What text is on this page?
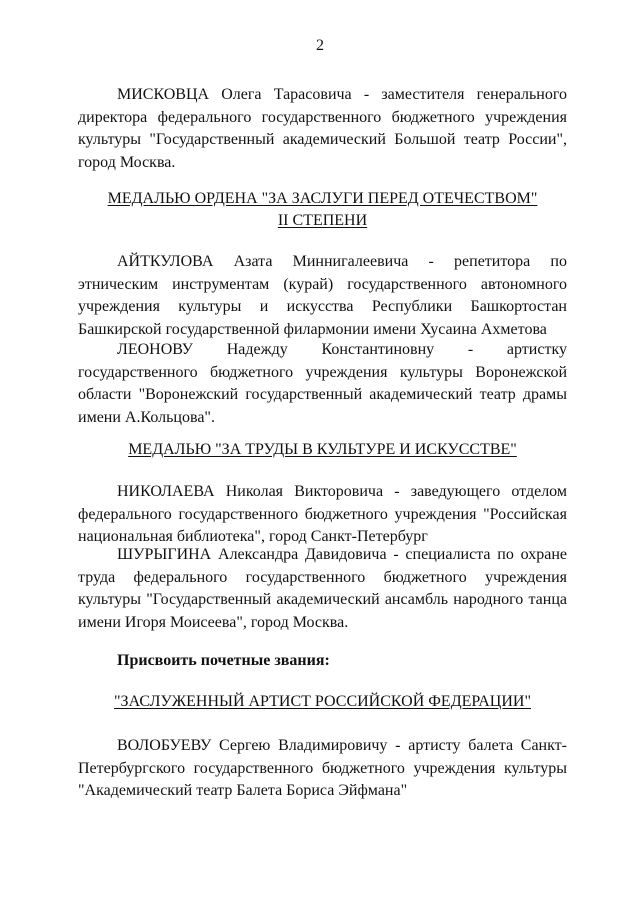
2

МИСКОВЦА Олега Тарасовича - заместителя генерального директора федерального государственного бюджетного учреждения культуры "Государственный академический Большой театр России", город Москва.

МЕДАЛЬЮ ОРДЕНА "ЗА ЗАСЛУГИ ПЕРЕД ОТЕЧЕСТВОМ"
II СТЕПЕНИ

АЙТКУЛОВА Азата Миннигалеевича - репетитора по этническим инструментам (курай) государственного автономного учреждения культуры и искусства Республики Башкортостан Башкирской государственной филармонии имени Хусаина Ахметова

ЛЕОНОВУ Надежду Константиновну - артистку государственного бюджетного учреждения культуры Воронежской области "Воронежский государственный академический театр драмы имени А.Кольцова".

МЕДАЛЬЮ "ЗА ТРУДЫ В КУЛЬТУРЕ И ИСКУССТВЕ"

НИКОЛАЕВА Николая Викторовича - заведующего отделом федерального государственного бюджетного учреждения "Российская национальная библиотека", город Санкт-Петербург

ШУРЫГИНА Александра Давидовича - специалиста по охране труда федерального государственного бюджетного учреждения культуры "Государственный академический ансамбль народного танца имени Игоря Моисеева", город Москва.

Присвоить почетные звания:

"ЗАСЛУЖЕННЫЙ АРТИСТ РОССИЙСКОЙ ФЕДЕРАЦИИ"

ВОЛОБУЕВУ Сергею Владимировичу - артисту балета Санкт-Петербургского государственного бюджетного учреждения культуры "Академический театр Балета Бориса Эйфмана"
